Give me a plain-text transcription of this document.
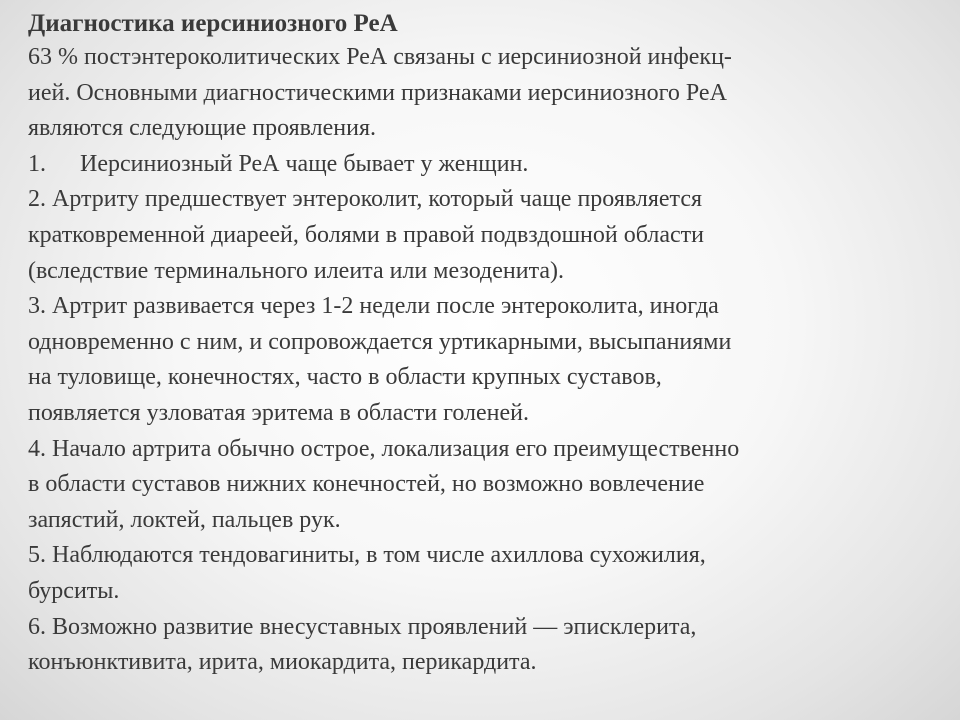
Диагностика иерсиниозного РеА

63 % постэнтероколитических РеА связаны с иерсиниозной инфекц-

ией. Основными диагностическими признаками иерсиниозного РеА

являются следующие проявления.

1. Иерсиниозный РеА чаще бывает у женщин.

2. Артриту предшествует энтероколит, который чаще проявляется

кратковременной диареей, болями в правой подвздошной области

(вследствие терминального илеита или мезоденита).

3. Артрит развивается через 1-2 недели после энтероколита, иногда

одновременно с ним, и сопровождается уртикарными, высыпаниями

на туловище, конечностях, часто в области крупных суставов,

появляется узловатая эритема в области голеней.

4. Начало артрита обычно острое, локализация его преимущественно

в области суставов нижних конечностей, но возможно вовлечение

запястий, локтей, пальцев рук.

5. Наблюдаются тендовагиниты, в том числе ахиллова сухожилия,

бурситы.

6. Возможно развитие внесуставных проявлений — эписклерита,

конъюнктивита, ирита, миокардита, перикардита.
